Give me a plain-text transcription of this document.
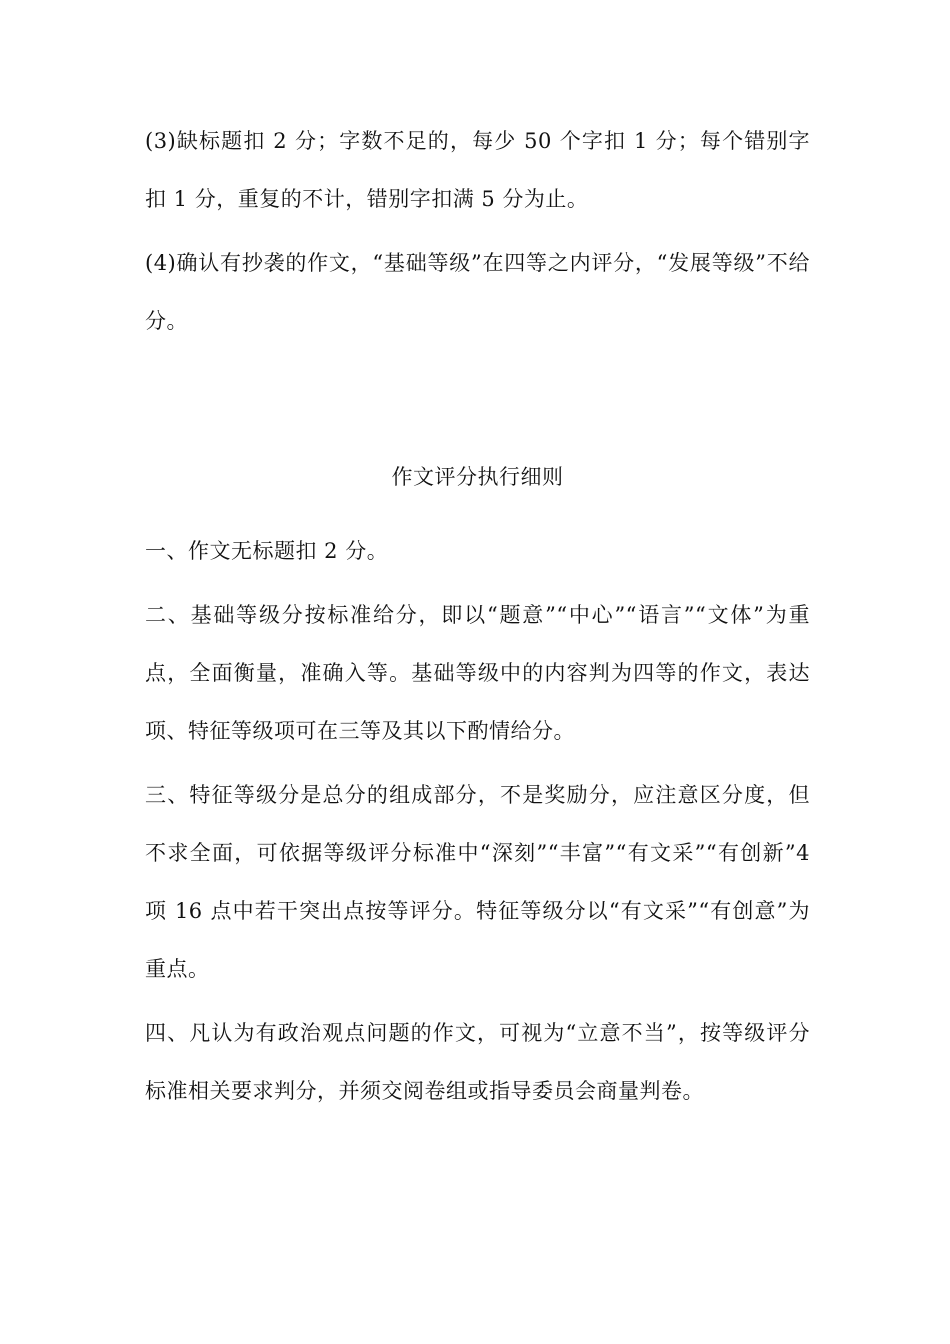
(3)缺标题扣 2 分；字数不足的，每少 50 个字扣 1 分；每个错别字扣 1 分，重复的不计，错别字扣满 5 分为止。

(4)确认有抄袭的作文，“基础等级”在四等之内评分，“发展等级”不给分。

作文评分执行细则

一、作文无标题扣 2 分。

二、基础等级分按标准给分，即以“题意”“中心”“语言”“文体”为重点，全面衡量，准确入等。基础等级中的内容判为四等的作文，表达项、特征等级项可在三等及其以下酌情给分。

三、特征等级分是总分的组成部分，不是奖励分，应注意区分度，但不求全面，可依据等级评分标准中“深刻”“丰富”“有文采”“有创新”4 项 16 点中若干突出点按等评分。特征等级分以“有文采”“有创意”为重点。

四、凡认为有政治观点问题的作文，可视为“立意不当”，按等级评分标准相关要求判分，并须交阅卷组或指导委员会商量判卷。
